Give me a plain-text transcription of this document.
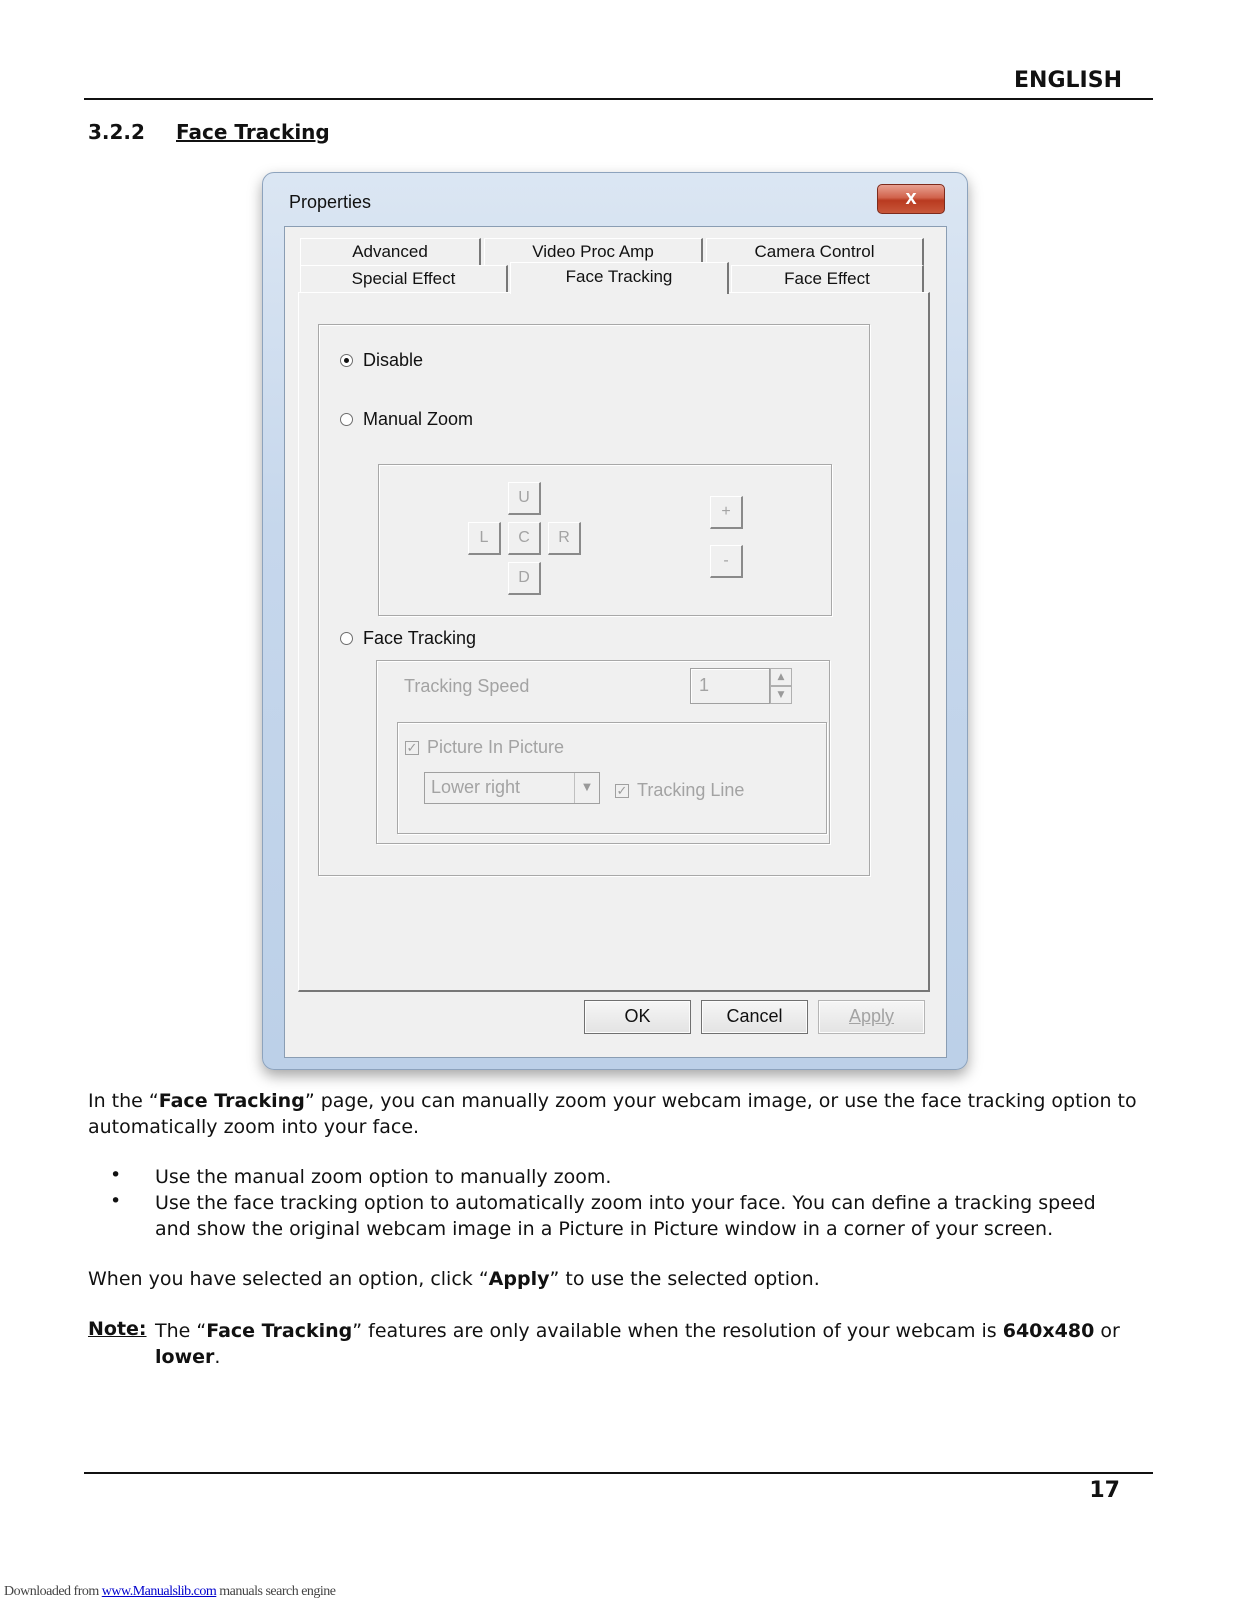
ENGLISH
3.2.2 Face Tracking
Properties	x
Advanced	Video Proc Amp	Camera Control
Special Effect	Face Tracking	Face Effect
Disable
Manual Zoom
U
L	C	R
D
+
-
Face Tracking
Tracking Speed	1	▲
▼
✓ Picture In Picture
Lower right	▼	✓ Tracking Line
OK	Cancel	Apply
In the “Face Tracking” page, you can manually zoom your webcam image, or use the face tracking option to automatically zoom into your face.
• Use the manual zoom option to manually zoom.
• Use the face tracking option to automatically zoom into your face. You can define a tracking speed and show the original webcam image in a Picture in Picture window in a corner of your screen.
When you have selected an option, click “Apply” to use the selected option.
Note: The “Face Tracking” features are only available when the resolution of your webcam is 640x480 or lower.
17
Downloaded from www.Manualslib.com manuals search engine
